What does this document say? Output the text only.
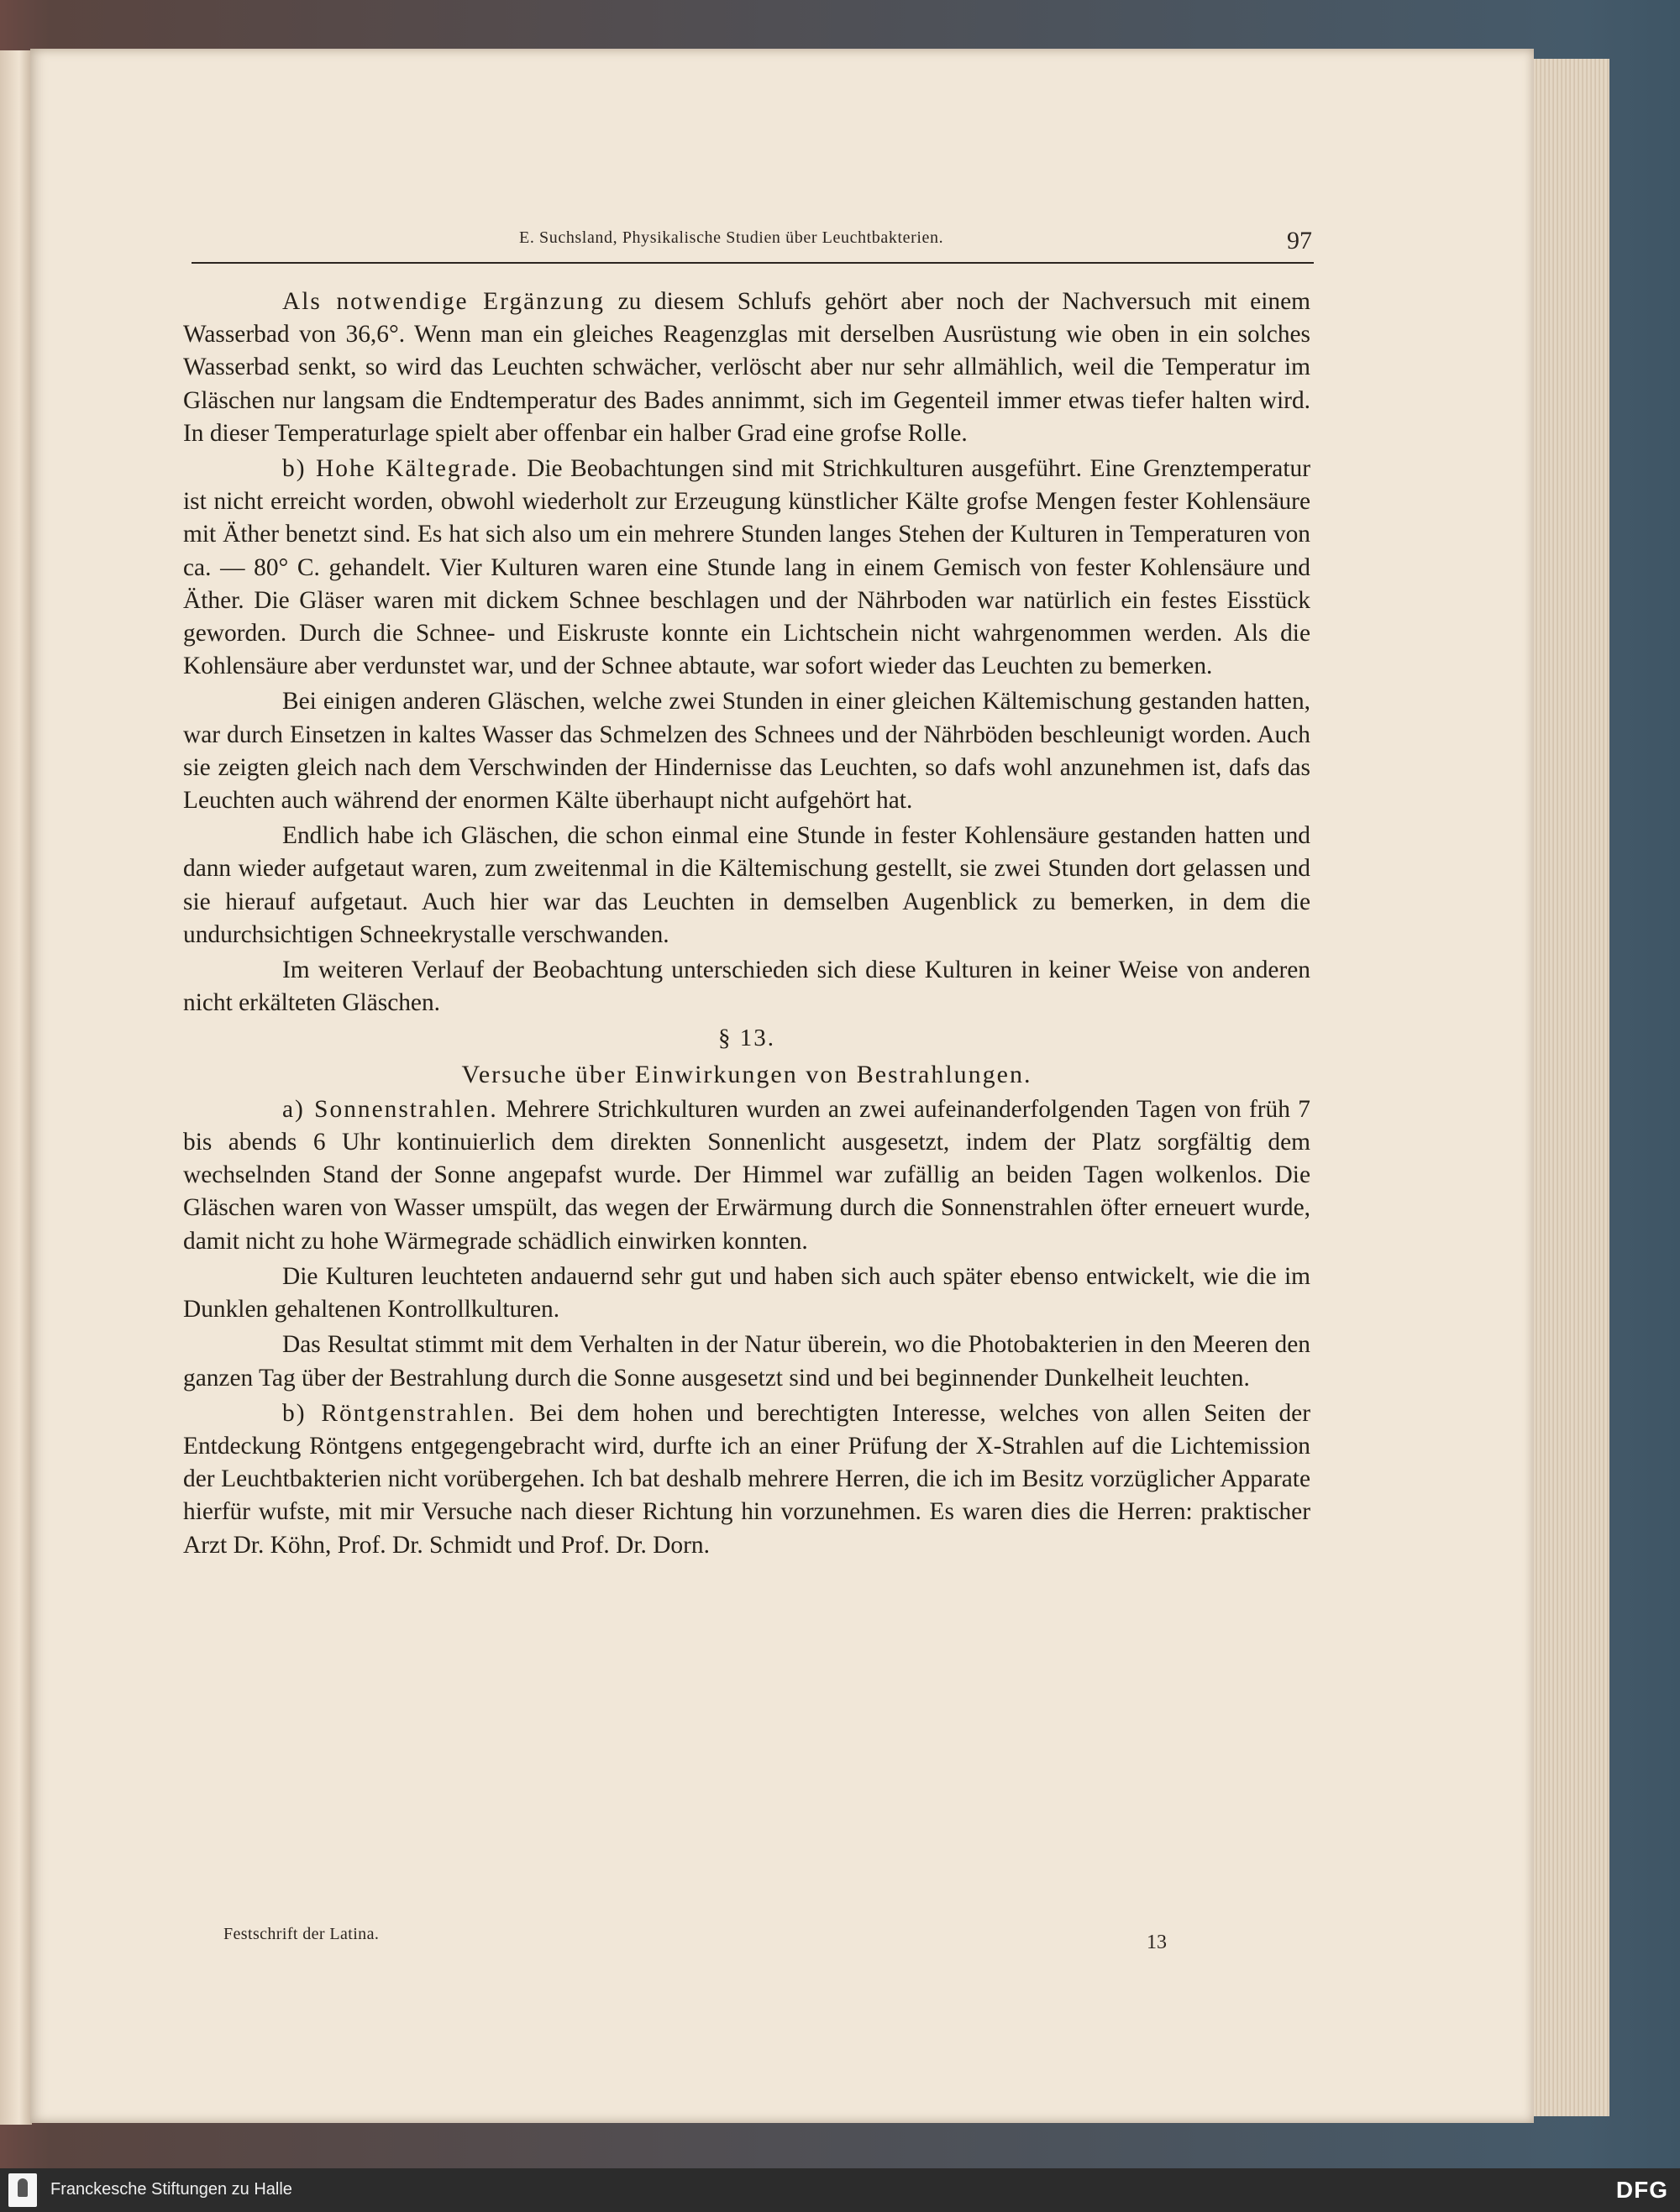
E. Suchsland, Physikalische Studien über Leuchtbakterien.	97

Als notwendige Ergänzung zu diesem Schlufs gehört aber noch der Nachversuch mit einem Wasserbad von 36,6°. Wenn man ein gleiches Reagenzglas mit derselben Ausrüstung wie oben in ein solches Wasserbad senkt, so wird das Leuchten schwächer, verlöscht aber nur sehr allmählich, weil die Temperatur im Gläschen nur langsam die Endtemperatur des Bades annimmt, sich im Gegenteil immer etwas tiefer halten wird. In dieser Temperaturlage spielt aber offenbar ein halber Grad eine grofse Rolle.

b) Hohe Kältegrade. Die Beobachtungen sind mit Strichkulturen ausgeführt. Eine Grenztemperatur ist nicht erreicht worden, obwohl wiederholt zur Erzeugung künstlicher Kälte grofse Mengen fester Kohlensäure mit Äther benetzt sind. Es hat sich also um ein mehrere Stunden langes Stehen der Kulturen in Temperaturen von ca. — 80° C. gehandelt. Vier Kulturen waren eine Stunde lang in einem Gemisch von fester Kohlensäure und Äther. Die Gläser waren mit dickem Schnee beschlagen und der Nährboden war natürlich ein festes Eisstück geworden. Durch die Schnee- und Eiskruste konnte ein Lichtschein nicht wahrgenommen werden. Als die Kohlensäure aber verdunstet war, und der Schnee abtaute, war sofort wieder das Leuchten zu bemerken.

Bei einigen anderen Gläschen, welche zwei Stunden in einer gleichen Kältemischung gestanden hatten, war durch Einsetzen in kaltes Wasser das Schmelzen des Schnees und der Nährböden beschleunigt worden. Auch sie zeigten gleich nach dem Verschwinden der Hindernisse das Leuchten, so dafs wohl anzunehmen ist, dafs das Leuchten auch während der enormen Kälte überhaupt nicht aufgehört hat.

Endlich habe ich Gläschen, die schon einmal eine Stunde in fester Kohlensäure gestanden hatten und dann wieder aufgetaut waren, zum zweitenmal in die Kältemischung gestellt, sie zwei Stunden dort gelassen und sie hierauf aufgetaut. Auch hier war das Leuchten in demselben Augenblick zu bemerken, in dem die undurchsichtigen Schneekrystalle verschwanden.

Im weiteren Verlauf der Beobachtung unterschieden sich diese Kulturen in keiner Weise von anderen nicht erkälteten Gläschen.

§ 13.

Versuche über Einwirkungen von Bestrahlungen.

a) Sonnenstrahlen. Mehrere Strichkulturen wurden an zwei aufeinanderfolgenden Tagen von früh 7 bis abends 6 Uhr kontinuierlich dem direkten Sonnenlicht ausgesetzt, indem der Platz sorgfältig dem wechselnden Stand der Sonne angepafst wurde. Der Himmel war zufällig an beiden Tagen wolkenlos. Die Gläschen waren von Wasser umspült, das wegen der Erwärmung durch die Sonnenstrahlen öfter erneuert wurde, damit nicht zu hohe Wärmegrade schädlich einwirken konnten.

Die Kulturen leuchteten andauernd sehr gut und haben sich auch später ebenso entwickelt, wie die im Dunklen gehaltenen Kontrollkulturen.

Das Resultat stimmt mit dem Verhalten in der Natur überein, wo die Photobakterien in den Meeren den ganzen Tag über der Bestrahlung durch die Sonne ausgesetzt sind und bei beginnender Dunkelheit leuchten.

b) Röntgenstrahlen. Bei dem hohen und berechtigten Interesse, welches von allen Seiten der Entdeckung Röntgens entgegengebracht wird, durfte ich an einer Prüfung der X-Strahlen auf die Lichtemission der Leuchtbakterien nicht vorübergehen. Ich bat deshalb mehrere Herren, die ich im Besitz vorzüglicher Apparate hierfür wufste, mit mir Versuche nach dieser Richtung hin vorzunehmen. Es waren dies die Herren: praktischer Arzt Dr. Köhn, Prof. Dr. Schmidt und Prof. Dr. Dorn.

Festschrift der Latina.	13
Franckesche Stiftungen zu Halle	DFG
